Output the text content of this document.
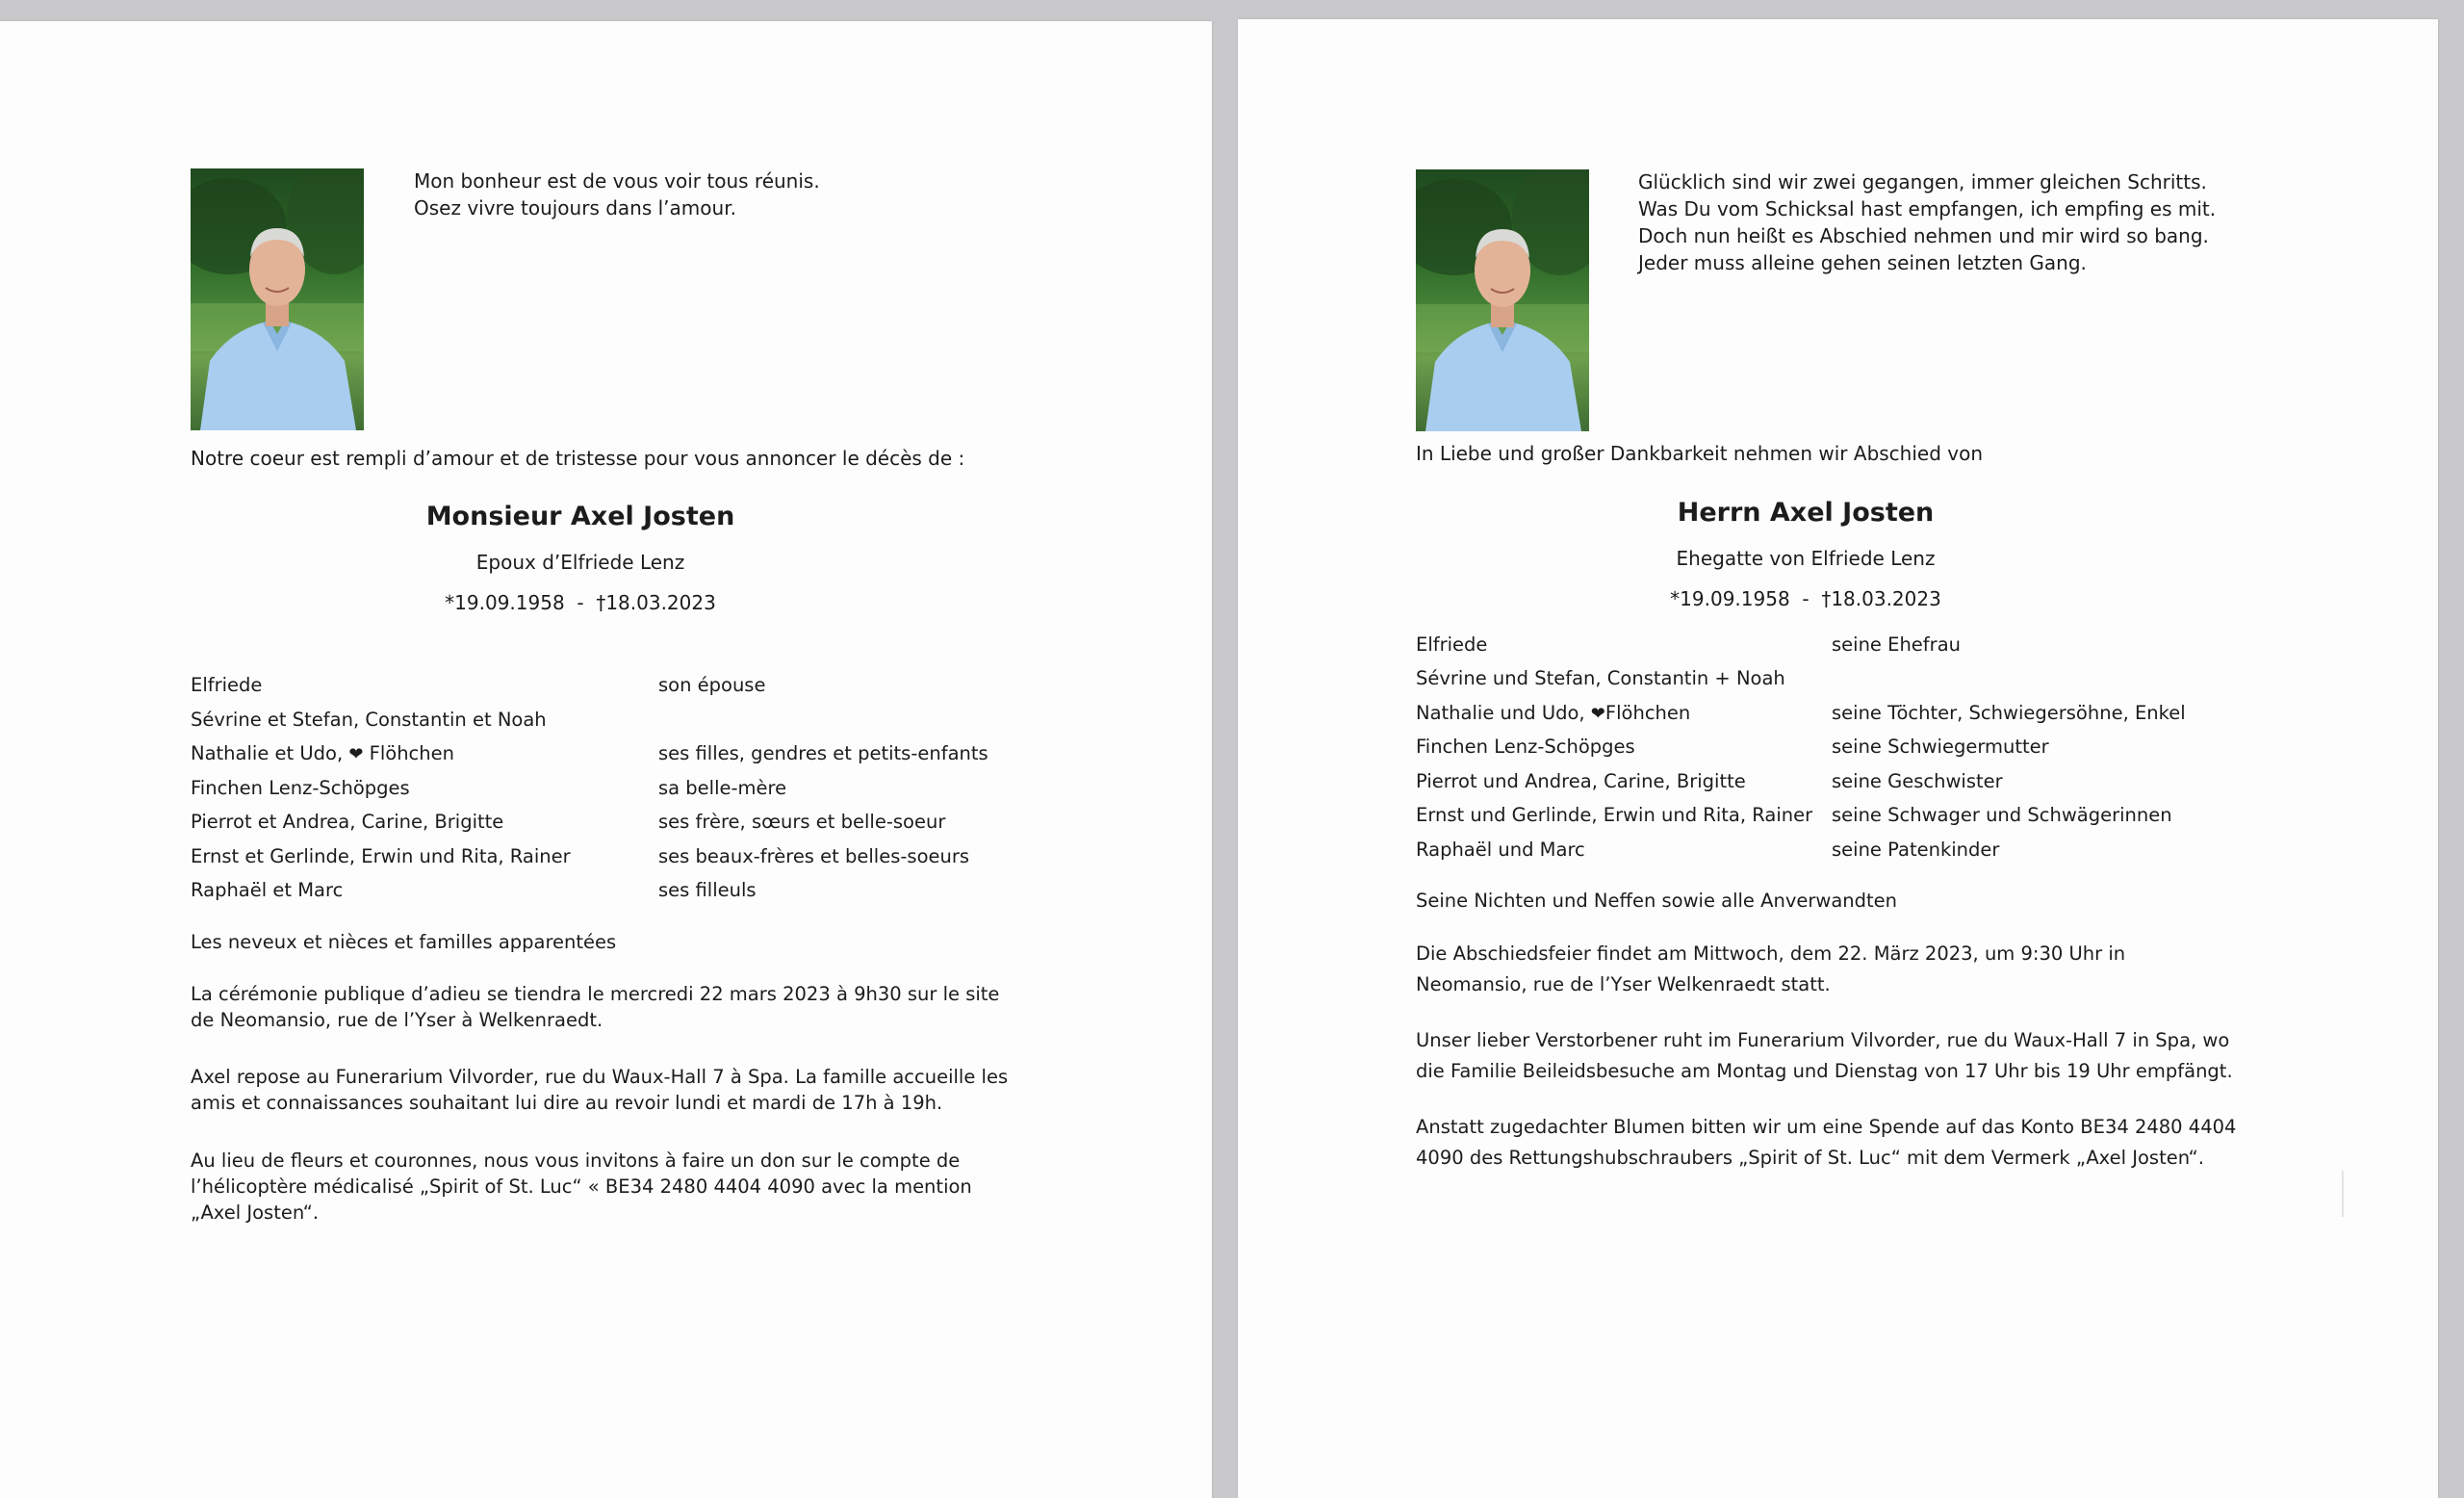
Mon bonheur est de vous voir tous réunis.
Osez vivre toujours dans l’amour.

Notre coeur est rempli d’amour et de tristesse pour vous annoncer le décès de :

Monsieur Axel Josten

Epoux d’Elfriede Lenz

*19.09.1958  -  †18.03.2023

Elfriede	son épouse
Sévrine et Stefan, Constantin et Noah
Nathalie et Udo, ❤ Flöhchen	ses filles, gendres et petits-enfants
Finchen Lenz-Schöpges	sa belle-mère
Pierrot et Andrea, Carine, Brigitte	ses frère, sœurs et belle-soeur
Ernst et Gerlinde, Erwin und Rita, Rainer	ses beaux-frères et belles-soeurs
Raphaël et Marc	ses filleuls

Les neveux et nièces et familles apparentées

La cérémonie publique d’adieu se tiendra le mercredi 22 mars 2023 à 9h30 sur le site
de Neomansio, rue de l’Yser à Welkenraedt.
Axel repose au Funerarium Vilvorder, rue du Waux-Hall 7 à Spa. La famille accueille les
amis et connaissances souhaitant lui dire au revoir lundi et mardi de 17h à 19h.
Au lieu de fleurs et couronnes, nous vous invitons à faire un don sur le compte de
l’hélicoptère médicalisé „Spirit of St. Luc“ « BE34 2480 4404 4090 avec la mention
„Axel Josten“.
Glücklich sind wir zwei gegangen, immer gleichen Schritts.
Was Du vom Schicksal hast empfangen, ich empfing es mit.
Doch nun heißt es Abschied nehmen und mir wird so bang.
Jeder muss alleine gehen seinen letzten Gang.

In Liebe und großer Dankbarkeit nehmen wir Abschied von

Herrn Axel Josten

Ehegatte von Elfriede Lenz

*19.09.1958  -  †18.03.2023

Elfriede	seine Ehefrau
Sévrine und Stefan, Constantin + Noah
Nathalie und Udo, ❤Flöhchen	seine Töchter, Schwiegersöhne, Enkel
Finchen Lenz-Schöpges	seine Schwiegermutter
Pierrot und Andrea, Carine, Brigitte	seine Geschwister
Ernst und Gerlinde, Erwin und Rita, Rainer seine Schwager und Schwägerinnen
Raphaël und Marc	seine Patenkinder

Seine Nichten und Neffen sowie alle Anverwandten

Die Abschiedsfeier findet am Mittwoch, dem 22. März 2023, um 9:30 Uhr in
Neomansio, rue de l’Yser Welkenraedt statt.
Unser lieber Verstorbener ruht im Funerarium Vilvorder, rue du Waux-Hall 7 in Spa, wo
die Familie Beileidsbesuche am Montag und Dienstag von 17 Uhr bis 19 Uhr empfängt.
Anstatt zugedachter Blumen bitten wir um eine Spende auf das Konto BE34 2480 4404
4090 des Rettungshubschraubers „Spirit of St. Luc“ mit dem Vermerk „Axel Josten“.
